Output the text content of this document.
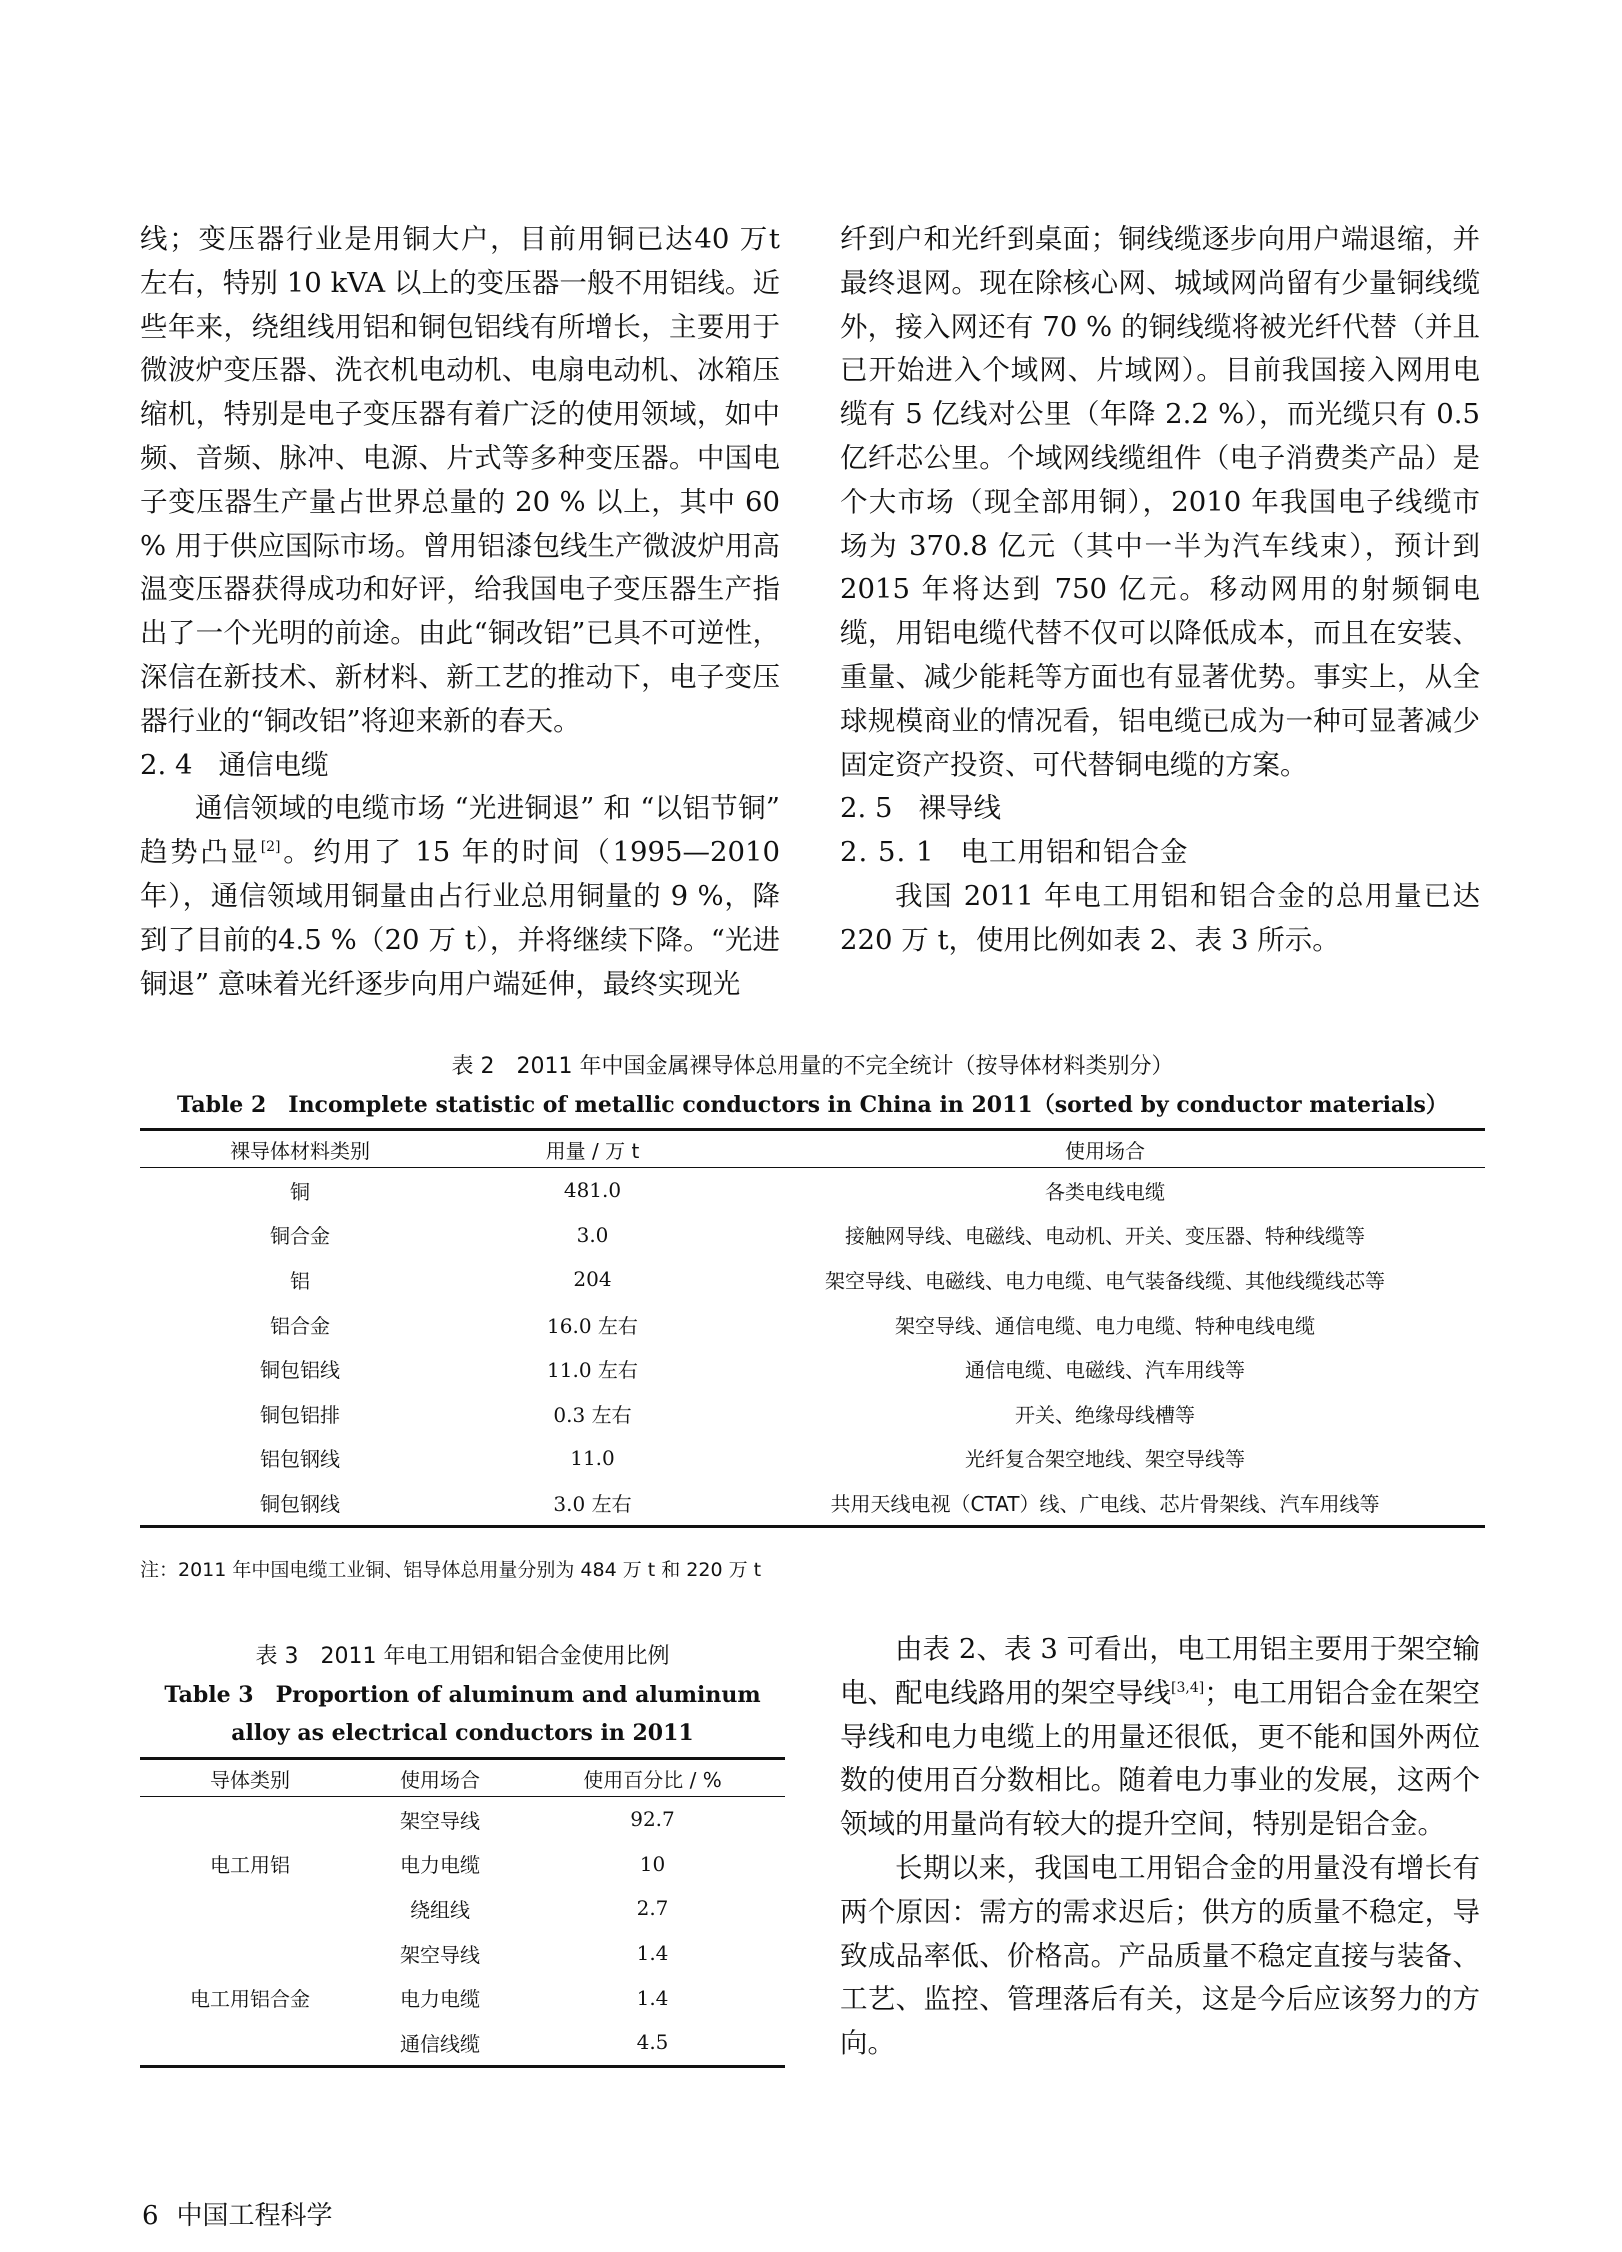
线；变压器行业是用铜大户，目前用铜已达40 万t 左右，特别 10 kVA 以上的变压器一般不用铝线。近些年来，绕组线用铝和铜包铝线有所增长，主要用于微波炉变压器、洗衣机电动机、电扇电动机、冰箱压缩机，特别是电子变压器有着广泛的使用领域，如中频、音频、脉冲、电源、片式等多种变压器。中国电子变压器生产量占世界总量的 20 % 以上，其中 60 % 用于供应国际市场。曾用铝漆包线生产微波炉用高温变压器获得成功和好评，给我国电子变压器生产指出了一个光明的前途。由此“铜改铝”已具不可逆性，深信在新技术、新材料、新工艺的推动下，电子变压器行业的“铜改铝”将迎来新的春天。

2. 4 通信电缆

通信领域的电缆市场 “光进铜退” 和 “以铝节铜” 趋势凸显[2]。约用了 15 年的时间（1995—2010 年），通信领域用铜量由占行业总用铜量的 9 %，降到了目前的4.5 %（20 万 t），并将继续下降。“光进铜退” 意味着光纤逐步向用户端延伸，最终实现光

纤到户和光纤到桌面；铜线缆逐步向用户端退缩，并最终退网。现在除核心网、城域网尚留有少量铜线缆外，接入网还有 70 % 的铜线缆将被光纤代替（并且已开始进入个域网、片域网）。目前我国接入网用电缆有 5 亿线对公里（年降 2.2 %），而光缆只有 0.5 亿纤芯公里。个域网线缆组件（电子消费类产品）是个大市场（现全部用铜），2010 年我国电子线缆市场为 370.8 亿元（其中一半为汽车线束），预计到 2015 年将达到 750 亿元。移动网用的射频铜电缆，用铝电缆代替不仅可以降低成本，而且在安装、重量、减少能耗等方面也有显著优势。事实上，从全球规模商业的情况看，铝电缆已成为一种可显著减少固定资产投资、可代替铜电缆的方案。

2. 5 裸导线
2. 5. 1 电工用铝和铝合金

我国 2011 年电工用铝和铝合金的总用量已达 220 万 t，使用比例如表 2、表 3 所示。

表 2　2011 年中国金属裸导体总用量的不完全统计（按导体材料类别分）
Table 2　Incomplete statistic of metallic conductors in China in 2011（sorted by conductor materials）
裸导体材料类别	用量 / 万 t	使用场合
铜	481.0	各类电线电缆
铜合金	3.0	接触网导线、电磁线、电动机、开关、变压器、特种线缆等
铝	204	架空导线、电磁线、电力电缆、电气装备线缆、其他线缆线芯等
铝合金	16.0 左右	架空导线、通信电缆、电力电缆、特种电线电缆
铜包铝线	11.0 左右	通信电缆、电磁线、汽车用线等
铜包铝排	0.3 左右	开关、绝缘母线槽等
铝包钢线	11.0	光纤复合架空地线、架空导线等
铜包钢线	3.0 左右	共用天线电视（CTAT）线、广电线、芯片骨架线、汽车用线等
注：2011 年中国电缆工业铜、铝导体总用量分别为 484 万 t 和 220 万 t
表 3　2011 年电工用铝和铝合金使用比例
Table 3　Proportion of aluminum and aluminum
alloy as electrical conductors in 2011
导体类别	使用场合	使用百分比 / %
电工用铝	架空导线	92.7
	电力电缆	10
	绕组线	2.7
电工用铝合金	架空导线	1.4
	电力电缆	1.4
	通信线缆	4.5

由表 2、表 3 可看出，电工用铝主要用于架空输电、配电线路用的架空导线[3,4]；电工用铝合金在架空导线和电力电缆上的用量还很低，更不能和国外两位数的使用百分数相比。随着电力事业的发展，这两个领域的用量尚有较大的提升空间，特别是铝合金。

长期以来，我国电工用铝合金的用量没有增长有两个原因：需方的需求迟后；供方的质量不稳定，导致成品率低、价格高。产品质量不稳定直接与装备、工艺、监控、管理落后有关，这是今后应该努力的方向。

6 中国工程科学
